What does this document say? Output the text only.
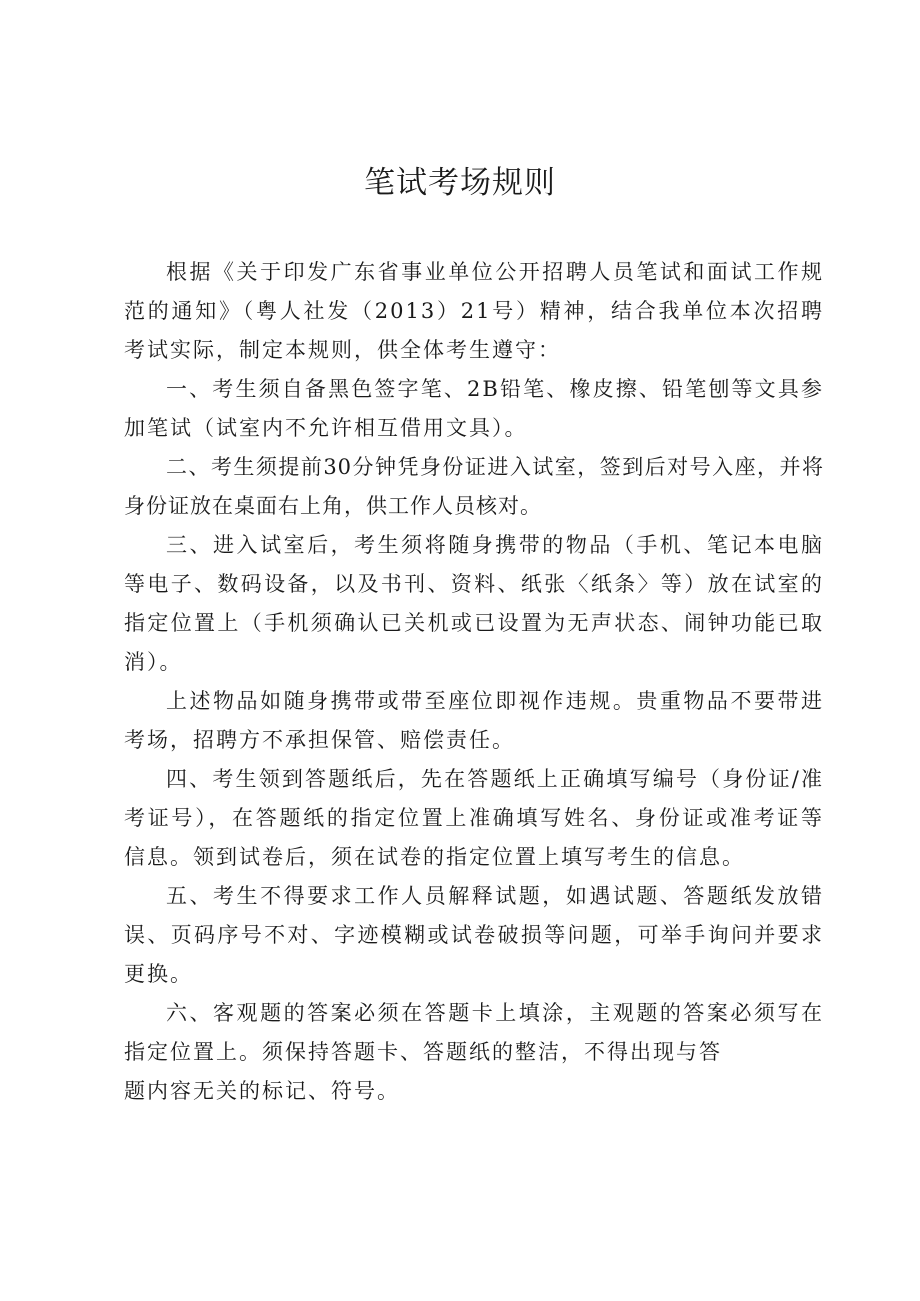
笔试考场规则

根据《关于印发广东省事业单位公开招聘人员笔试和面试工作规范的通知》（粤人社发（2013）21号）精神，结合我单位本次招聘考试实际，制定本规则，供全体考生遵守：

一、考生须自备黑色签字笔、2B铅笔、橡皮擦、铅笔刨等文具参加笔试（试室内不允许相互借用文具）。

二、考生须提前30分钟凭身份证进入试室，签到后对号入座，并将身份证放在桌面右上角，供工作人员核对。

三、进入试室后，考生须将随身携带的物品（手机、笔记本电脑等电子、数码设备，以及书刊、资料、纸张〈纸条〉等）放在试室的指定位置上（手机须确认已关机或已设置为无声状态、闹钟功能已取消）。

上述物品如随身携带或带至座位即视作违规。贵重物品不要带进考场，招聘方不承担保管、赔偿责任。

四、考生领到答题纸后，先在答题纸上正确填写编号（身份证/准考证号），在答题纸的指定位置上准确填写姓名、身份证或准考证等信息。领到试卷后，须在试卷的指定位置上填写考生的信息。

五、考生不得要求工作人员解释试题，如遇试题、答题纸发放错误、页码序号不对、字迹模糊或试卷破损等问题，可举手询问并要求更换。

六、客观题的答案必须在答题卡上填涂，主观题的答案必须写在指定位置上。须保持答题卡、答题纸的整洁，不得出现与答

题内容无关的标记、符号。
